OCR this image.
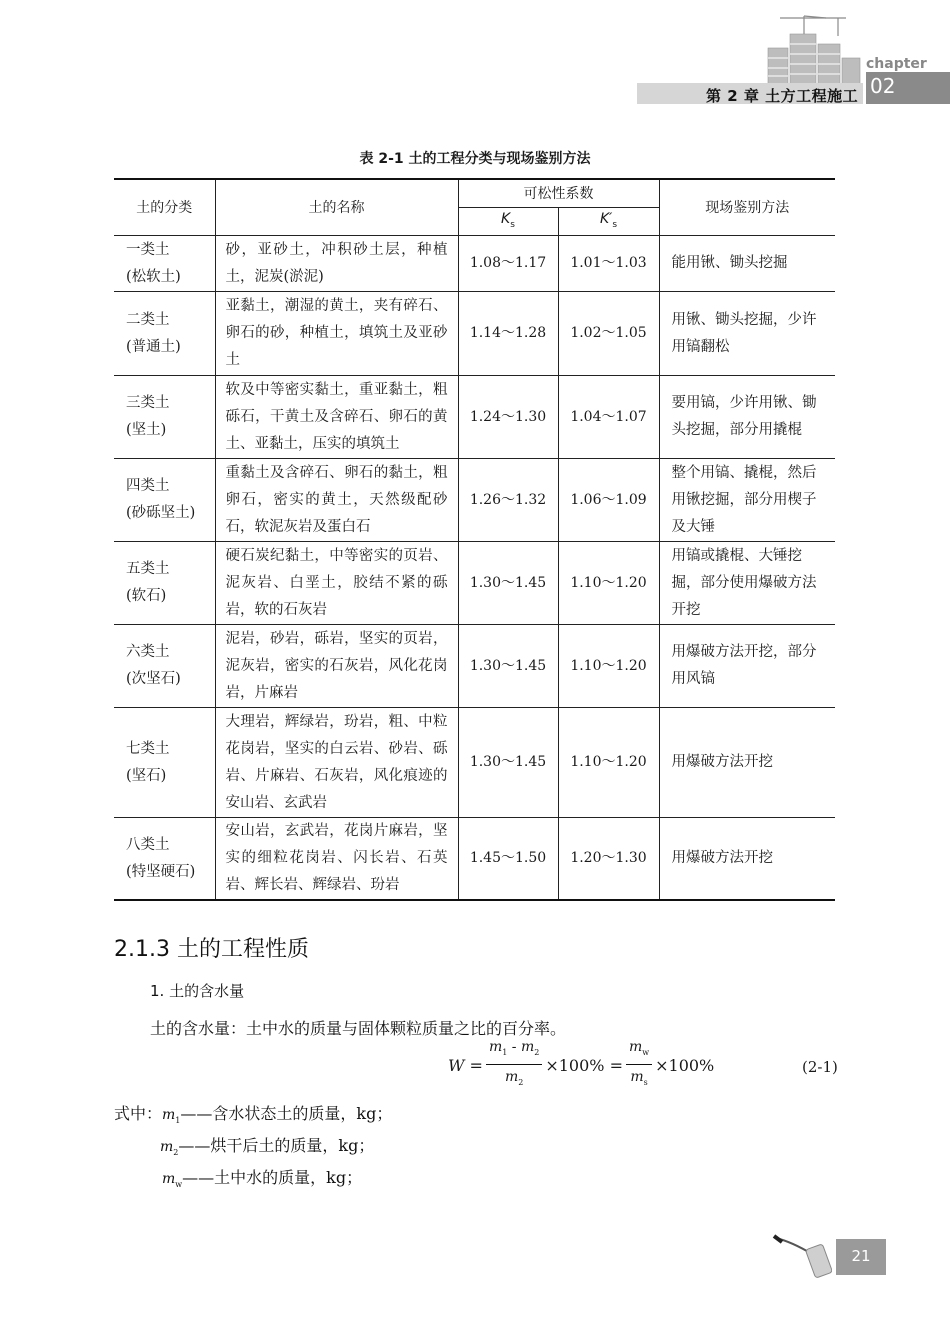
第 2 章 土方工程施工
chapter
02
表 2-1 土的工程分类与现场鉴别方法
土的分类	土的名称	可松性系数		现场鉴别方法
		$K_s$	$K'_s$

一类土
(松软土)	砂，亚砂土，冲积砂土层，种植土，泥炭(淤泥)	1.08～1.17	1.01～1.03	能用锹、锄头挖掘

二类土
(普通土)	亚黏土，潮湿的黄土，夹有碎石、卵石的砂，种植土，填筑土及亚砂土	1.14～1.28	1.02～1.05	用锹、锄头挖掘，少许用镐翻松

三类土
(坚土)	软及中等密实黏土，重亚黏土，粗砾石，干黄土及含碎石、卵石的黄土、亚黏土，压实的填筑土	1.24～1.30	1.04～1.07	要用镐，少许用锹、锄头挖掘，部分用撬棍

四类土
(砂砾坚土)	重黏土及含碎石、卵石的黏土，粗卵石，密实的黄土，天然级配砂石，软泥灰岩及蛋白石	1.26～1.32	1.06～1.09	整个用镐、撬棍，然后用锹挖掘，部分用楔子及大锤

五类土
(软石)	硬石炭纪黏土，中等密实的页岩、泥灰岩、白垩土，胶结不紧的砾岩，软的石灰岩	1.30～1.45	1.10～1.20	用镐或撬棍、大锤挖掘，部分使用爆破方法开挖

六类土
(次坚石)	泥岩，砂岩，砾岩，坚实的页岩，泥灰岩，密实的石灰岩，风化花岗岩，片麻岩	1.30～1.45	1.10～1.20	用爆破方法开挖，部分用风镐

七类土
(坚石)	大理岩，辉绿岩，玢岩，粗、中粒花岗岩，坚实的白云岩、砂岩、砾岩、片麻岩、石灰岩，风化痕迹的安山岩、玄武岩	1.30～1.45	1.10～1.20	用爆破方法开挖

八类土
(特坚硬石)	安山岩，玄武岩，花岗片麻岩，坚实的细粒花岗岩、闪长岩、石英岩、辉长岩、辉绿岩、玢岩	1.45～1.50	1.20～1.30	用爆破方法开挖
2.1.3 土的工程性质
1. 土的含水量
土的含水量：土中水的质量与固体颗粒质量之比的百分率。
$W = \frac{m_1 - m_2}{m_2} \times 100\% = \frac{m_w}{m_s} \times 100\%$	(2-1)
式中：$m_1——$含水状态土的质量，kg；
$m_2——$烘干后土的质量，kg；
$m_w——$土中水的质量，kg；
21
